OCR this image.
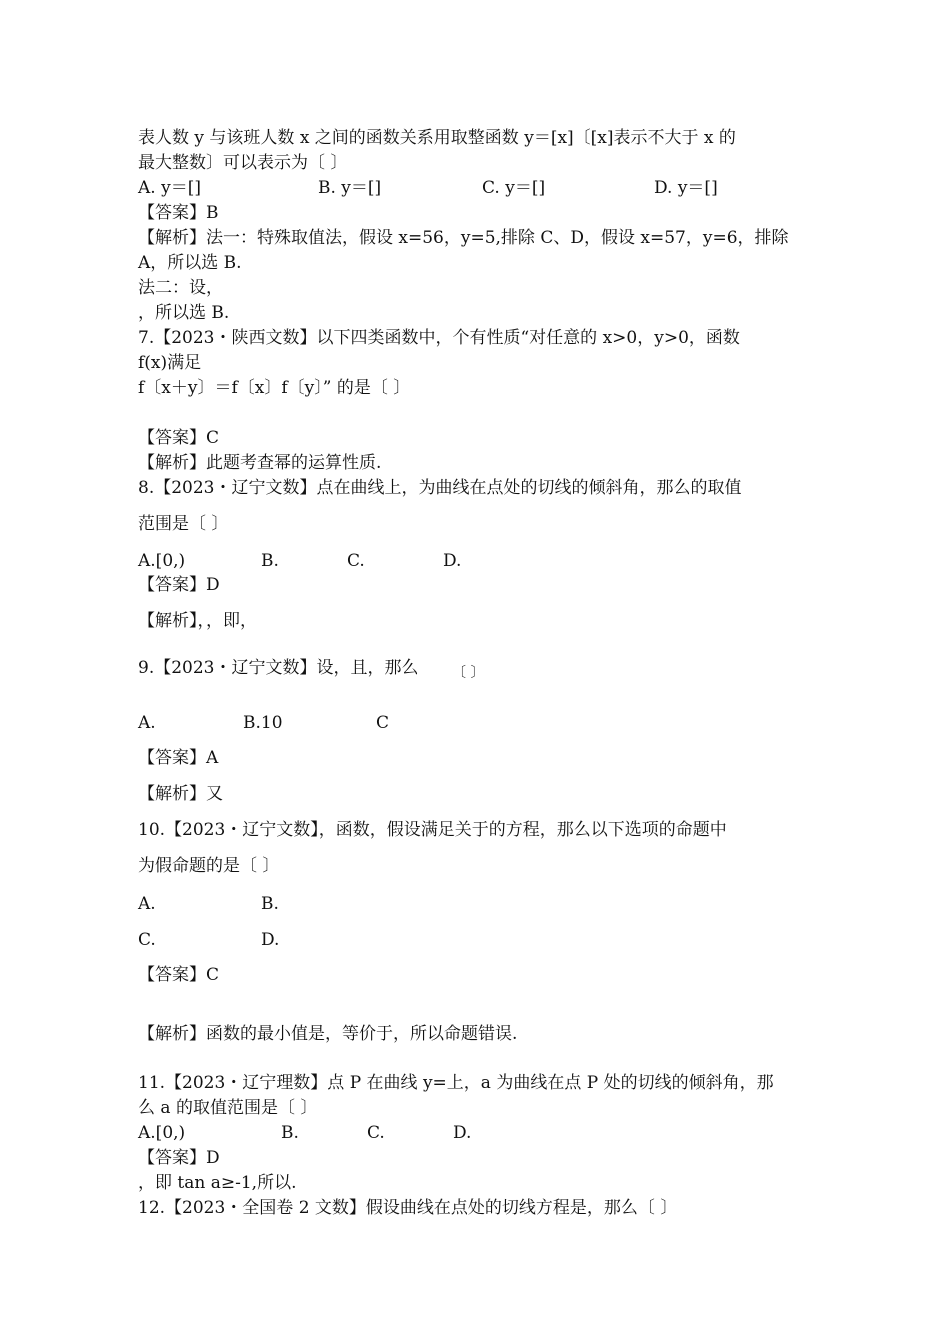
表人数 y 与该班人数 x 之间的函数关系用取整函数 y＝[x]〔[x]表示不大于 x 的
最大整数〕可以表示为〔 〕
A. y＝[]	B. y＝[]	C. y＝[]	D. y＝[]
【答案】B
【解析】法一：特殊取值法，假设 x=56，y=5,排除 C、D，假设 x=57，y=6，排除
A，所以选 B.
法二：设，
，所以选 B.
7.【2023・陕西文数】以下四类函数中，个有性质“对任意的 x>0，y>0，函数
f(x)满足
f〔x＋y〕＝f〔x〕f〔y〕” 的是〔 〕
【答案】C
【解析】此题考查幂的运算性质.
8.【2023・辽宁文数】点在曲线上，为曲线在点处的切线的倾斜角，那么的取值
范围是〔 〕
A.[0,)	B.	C.	D.
【答案】D
【解析】，，即，
9.【2023・辽宁文数】设，且，那么 〔 〕
A.	B.10	C
【答案】A
【解析】又
10.【2023・辽宁文数】，函数，假设满足关于的方程，那么以下选项的命题中
为假命题的是〔 〕
A.	B.
C.	D.
【答案】C
【解析】函数的最小值是，等价于，所以命题错误.
11.【2023・辽宁理数】点 P 在曲线 y=上，a 为曲线在点 P 处的切线的倾斜角，那
么 a 的取值范围是〔 〕
A.[0,)	B.	C.	D.
【答案】D
，即 tan a≥-1,所以.
12.【2023・全国卷 2 文数】假设曲线在点处的切线方程是，那么〔 〕
